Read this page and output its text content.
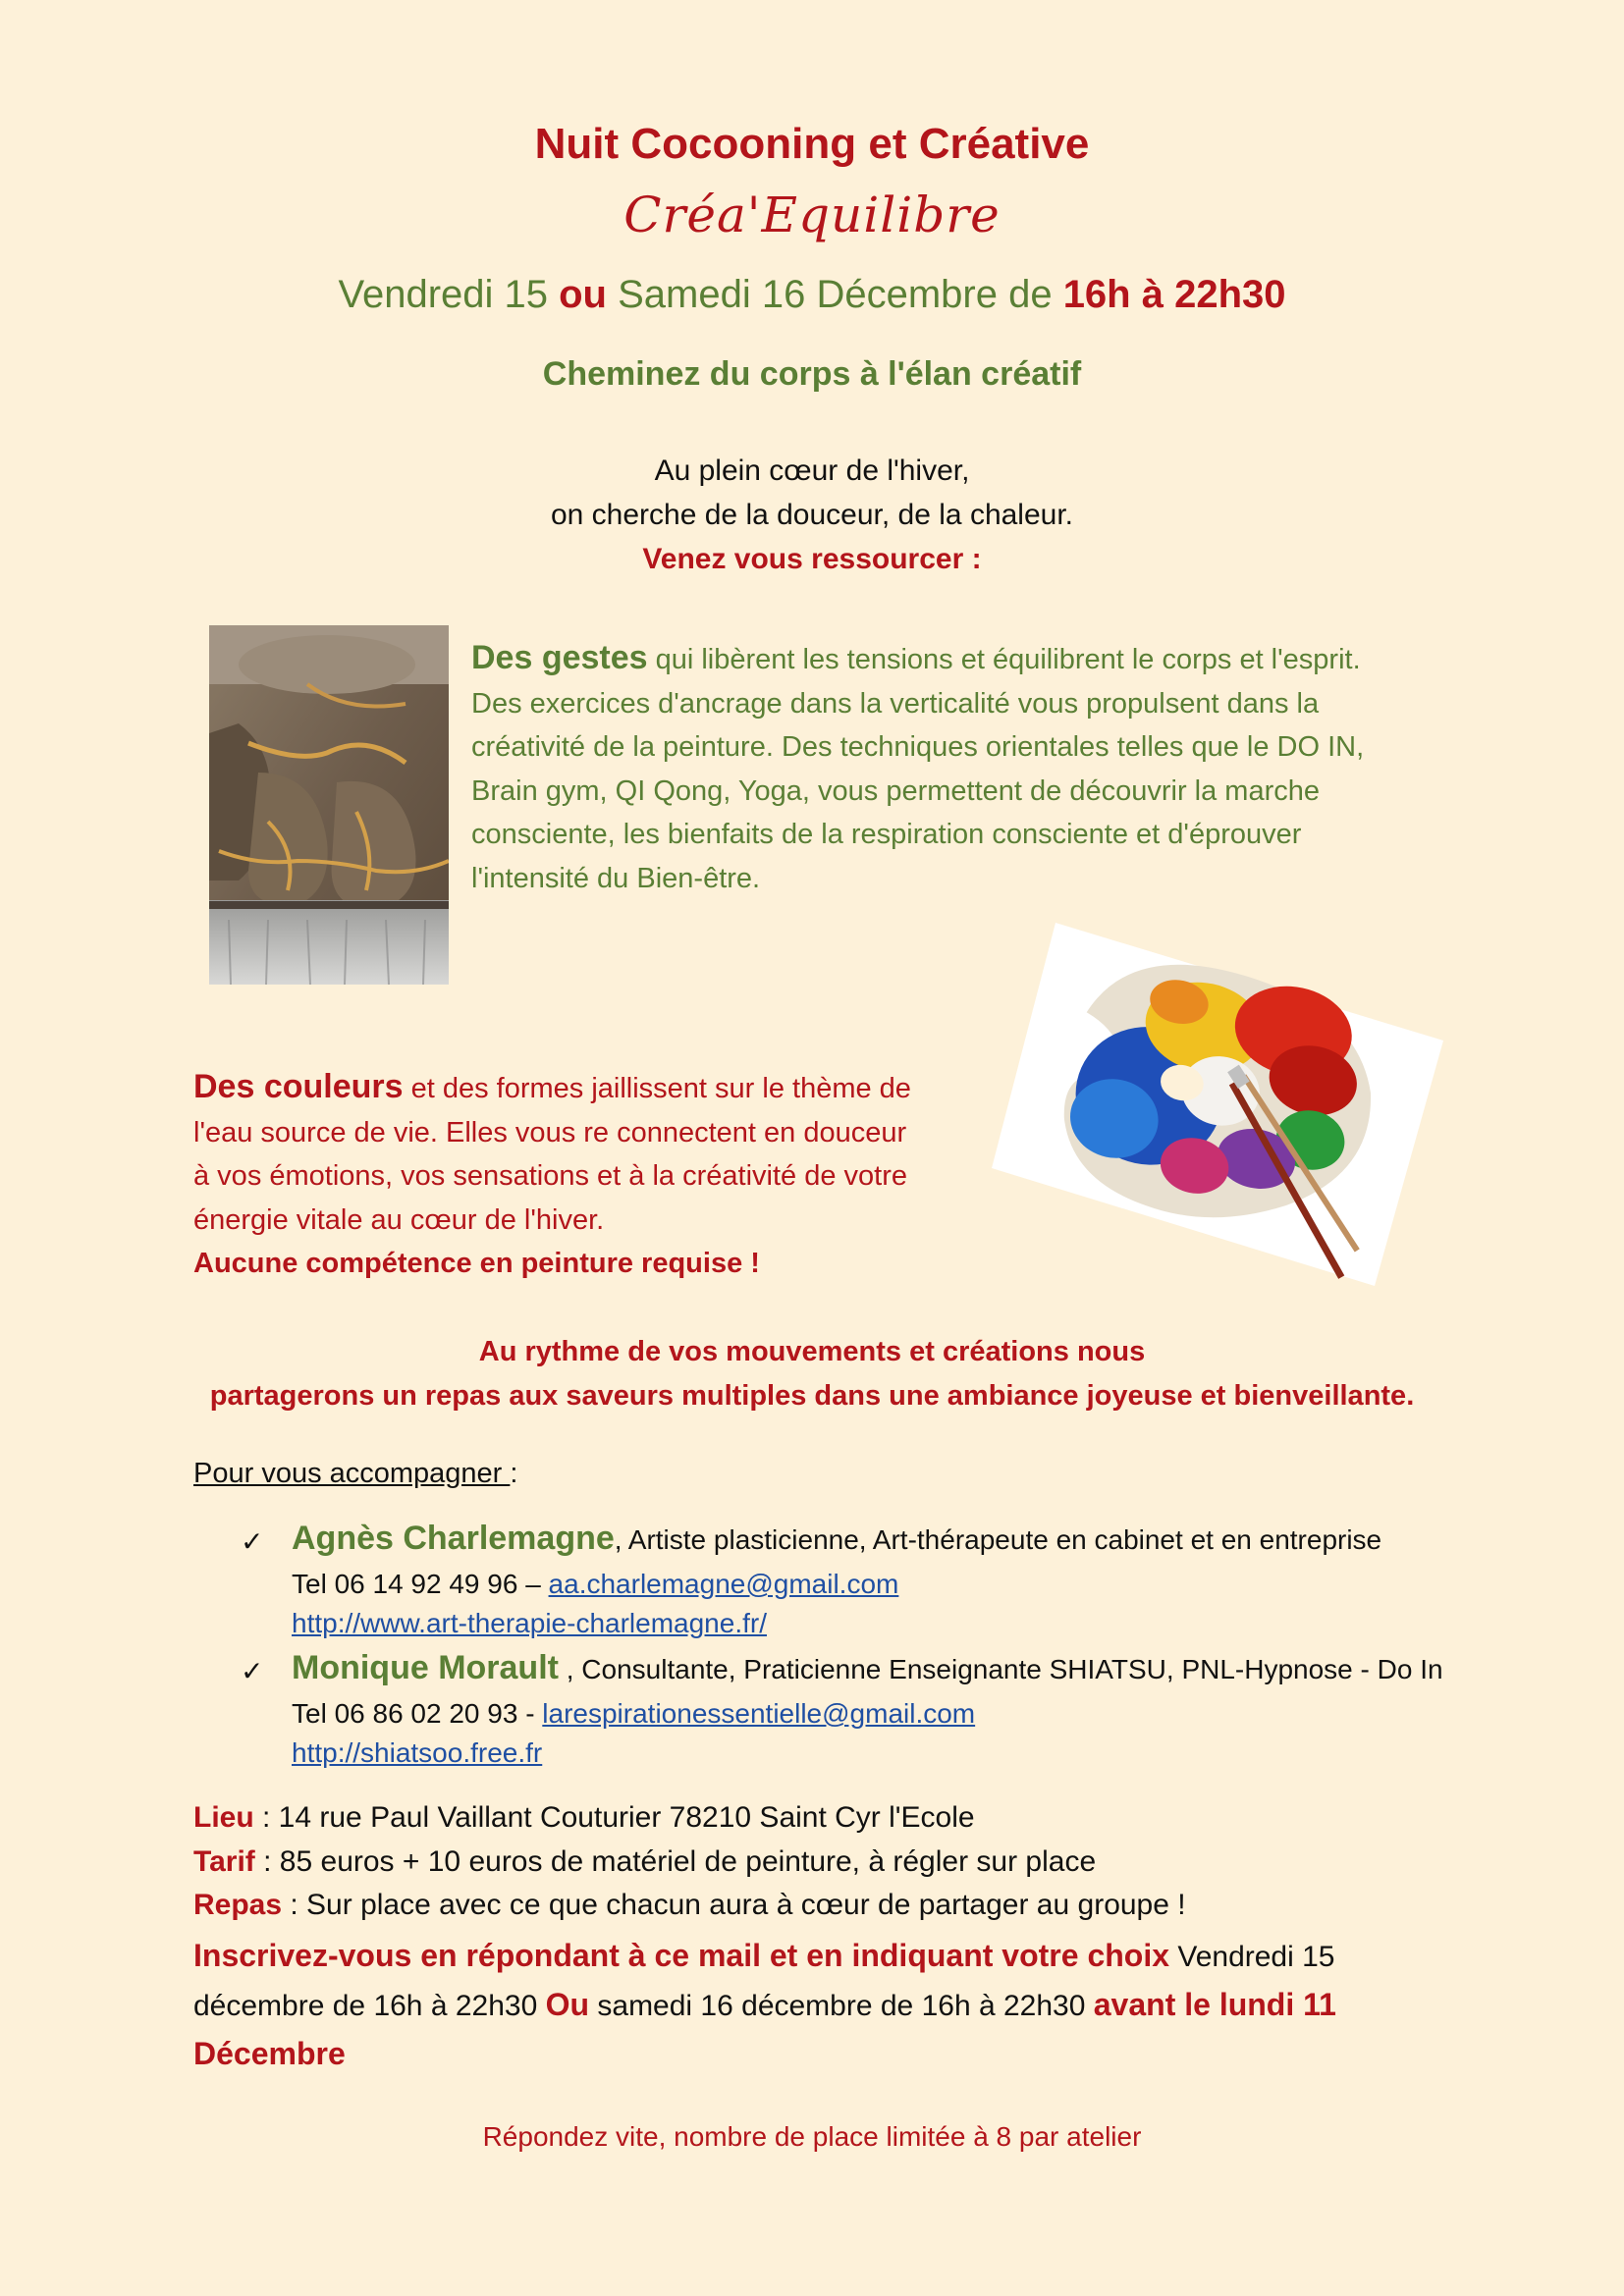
Nuit Cocooning et Créative
Créa'Equilibre
Vendredi 15 ou Samedi 16 Décembre de 16h à 22h30
Cheminez du corps à l'élan créatif
Au plein cœur de l'hiver,
on cherche de la douceur, de la chaleur.
Venez vous ressourcer :
Des gestes qui libèrent les tensions et équilibrent le corps et l'esprit.
Des exercices d'ancrage dans la verticalité vous propulsent dans la
créativité de la peinture. Des techniques orientales telles que le DO IN,
Brain gym, QI Qong, Yoga, vous permettent de découvrir la marche
consciente, les bienfaits de la respiration consciente et d'éprouver
l'intensité du Bien-être.
Des couleurs et des formes jaillissent sur le thème de
l'eau source de vie. Elles vous re connectent en douceur
à vos émotions, vos sensations et à la créativité de votre
énergie vitale au cœur de l'hiver.
Aucune compétence en peinture requise !
Au rythme de vos mouvements et créations nous
partagerons un repas aux saveurs multiples dans une ambiance joyeuse et bienveillante.
Pour vous accompagner :
✓ Agnès Charlemagne, Artiste plasticienne, Art-thérapeute en cabinet et en entreprise
Tel 06 14 92 49 96 – aa.charlemagne@gmail.com
http://www.art-therapie-charlemagne.fr/
✓ Monique Morault , Consultante, Praticienne Enseignante SHIATSU, PNL-Hypnose - Do In
Tel 06 86 02 20 93 - larespirationessentielle@gmail.com
http://shiatsoo.free.fr
Lieu : 14 rue Paul Vaillant Couturier 78210 Saint Cyr l'Ecole
Tarif : 85 euros + 10 euros de matériel de peinture, à régler sur place
Repas : Sur place avec ce que chacun aura à cœur de partager au groupe !
Inscrivez-vous en répondant à ce mail et en indiquant votre choix Vendredi 15
décembre de 16h à 22h30 Ou samedi 16 décembre de 16h à 22h30 avant le lundi 11
Décembre
Répondez vite, nombre de place limitée à 8 par atelier
